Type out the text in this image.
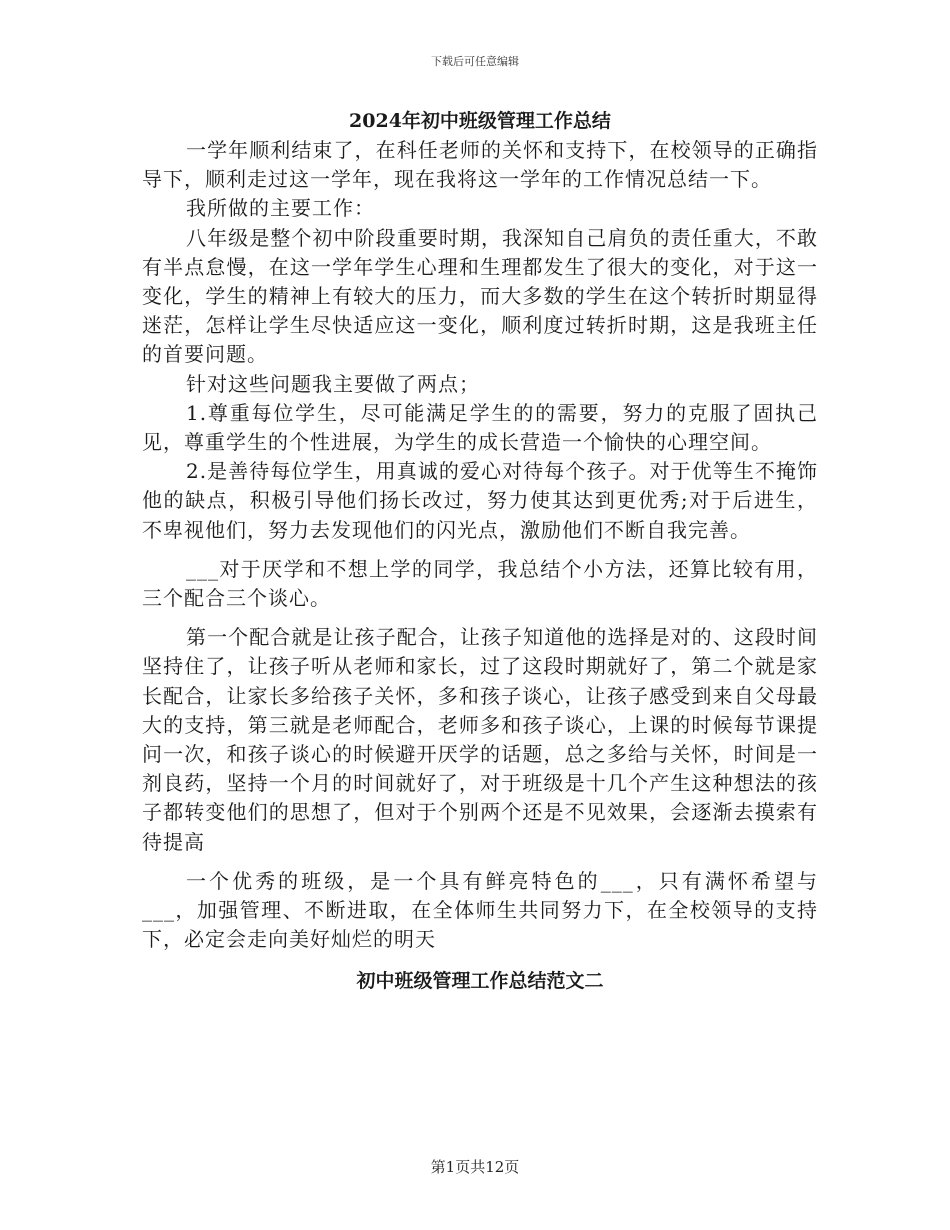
下载后可任意编辑
2024年初中班级管理工作总结

一学年顺利结束了，在科任老师的关怀和支持下，在校领导的正确指导下，顺利走过这一学年，现在我将这一学年的工作情况总结一下。

我所做的主要工作：

八年级是整个初中阶段重要时期，我深知自己肩负的责任重大，不敢有半点怠慢，在这一学年学生心理和生理都发生了很大的变化，对于这一变化，学生的精神上有较大的压力，而大多数的学生在这个转折时期显得迷茫，怎样让学生尽快适应这一变化，顺利度过转折时期，这是我班主任的首要问题。

针对这些问题我主要做了两点；

1.尊重每位学生，尽可能满足学生的的需要，努力的克服了固执己见，尊重学生的个性进展，为学生的成长营造一个愉快的心理空间。

2.是善待每位学生，用真诚的爱心对待每个孩子。对于优等生不掩饰他的缺点，积极引导他们扬长改过，努力使其达到更优秀;对于后进生，不卑视他们，努力去发现他们的闪光点，激励他们不断自我完善。

___对于厌学和不想上学的同学，我总结个小方法，还算比较有用，三个配合三个谈心。

第一个配合就是让孩子配合，让孩子知道他的选择是对的、这段时间坚持住了，让孩子听从老师和家长，过了这段时期就好了，第二个就是家长配合，让家长多给孩子关怀，多和孩子谈心，让孩子感受到来自父母最大的支持，第三就是老师配合，老师多和孩子谈心，上课的时候每节课提问一次，和孩子谈心的时候避开厌学的话题，总之多给与关怀，时间是一剂良药，坚持一个月的时间就好了，对于班级是十几个产生这种想法的孩子都转变他们的思想了，但对于个别两个还是不见效果，会逐渐去摸索有待提高

一个优秀的班级，是一个具有鲜亮特色的___，只有满怀希望与___，加强管理、不断进取，在全体师生共同努力下，在全校领导的支持下，必定会走向美好灿烂的明天

初中班级管理工作总结范文二
第1页共12页
